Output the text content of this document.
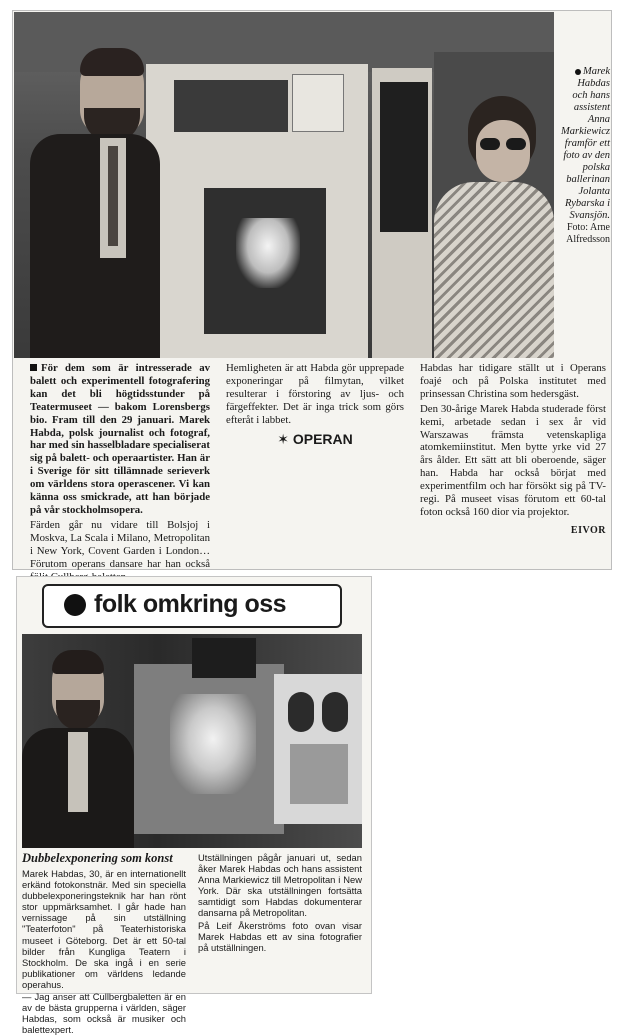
Marek Habdas och hans assistent Anna Markiewicz framför ett foto av den polska ballerinan Jolanta Rybarska i Svansjön.
Foto: Arne Alfredsson

För dem som är intresserade av balett och experimentell fotografering kan det bli högtidsstunder på Teatermuseet — bakom Lorensbergs bio. Fram till den 29 januari. Marek Habda, polsk journalist och fotograf, har med sin hasselbladare specialiserat sig på balett- och operaartister. Han är i Sverige för sitt tillämnade serieverk om världens stora operascener. Vi kan känna oss smickrade, att han började på vår stockholmsopera.

Färden går nu vidare till Bolsjoj i Moskva, La Scala i Milano, Metropolitan i New York, Covent Garden i London… Förutom operans dansare har han också

Hemligheten är att Habda gör upprepade exponeringar på filmytan, vilket resulterar i förstoring av ljus- och färgeffekter. Det är inga trick som görs efteråt i labbet.

✶ OPERAN

Habdas har tidigare ställt ut i Operans foajé och på Polska institutet med prinsessan Christina som hedersgäst.

Den 30-årige Marek Habda studerade först kemi, arbetade sedan i sex år vid Warszawas främsta vetenskapliga atomkemiinstitut. Men bytte yrke vid 27 års ålder. Ett sätt att bli oberoende, säger han. Habda har också börjat med experimentfilm och har försökt sig på TV-regi. På museet visas förutom ett 60-tal foton också 160 dior via projektor.

EIVOR
folk omkring oss
Dubbelexponering som konst

Marek Habdas, 30, är en internationellt erkänd fotokonstnär. Med sin speciella dubbelexponeringsteknik har han rönt stor uppmärksamhet. I går hade han vernissage på sin utställning "Teaterfoton" på Teaterhistoriska museet i Göteborg. Det är ett 50-tal bilder från Kungliga Teatern i Stockholm. De ska ingå i en serie publikationer om världens ledande operahus.

— Jag anser att Cullbergbaletten är en av de bästa grupperna i världen, säger Habdas, som också är musiker och balettexpert.

Utställningen pågår januari ut, sedan åker Marek Habdas och hans assistent Anna Markiewicz till Metropolitan i New York. Där ska utställningen fortsätta samtidigt som Habdas dokumenterar dansarna på Metropolitan.

På Leif Åkerströms foto ovan visar Marek Habdas ett av sina fotografier på utställningen.
